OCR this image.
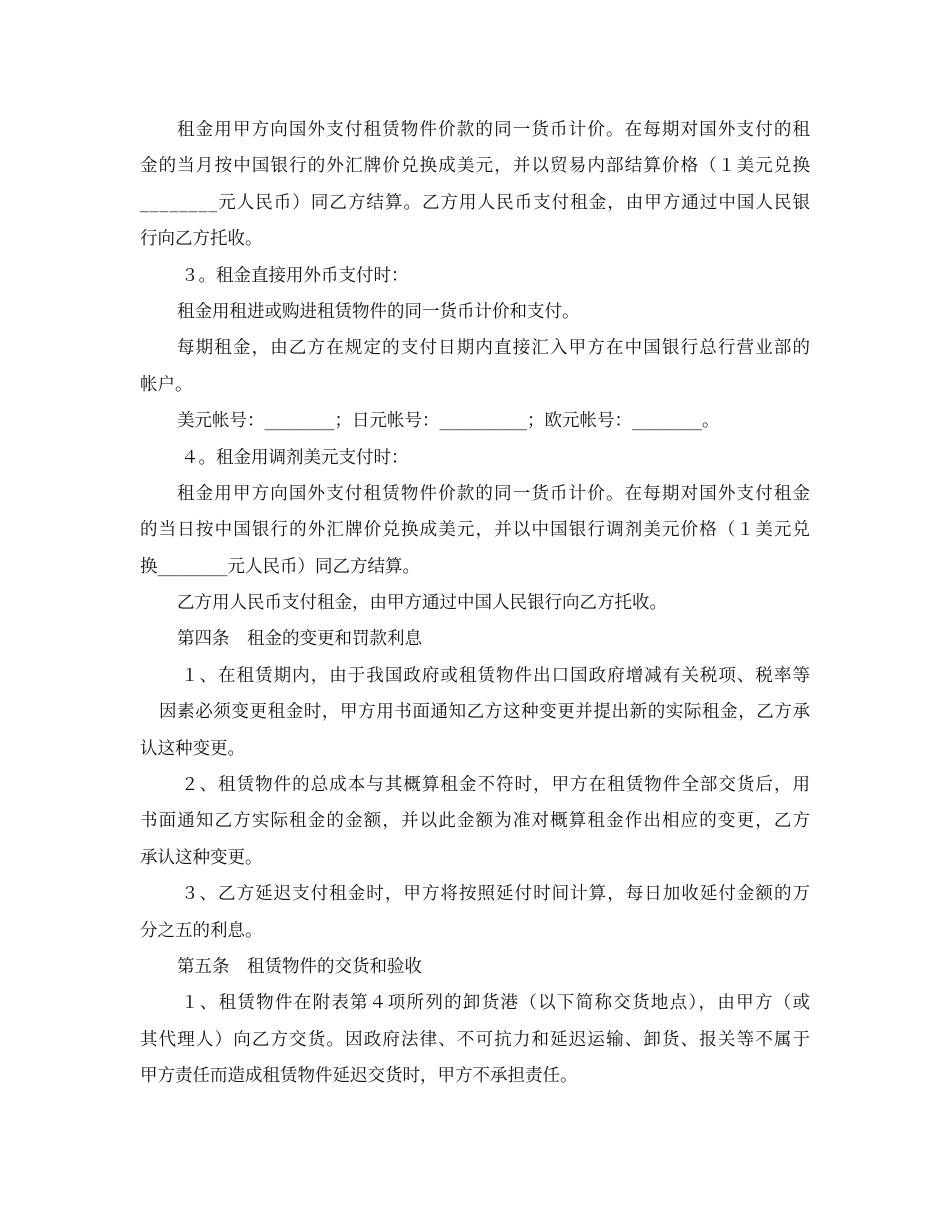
租金用甲方向国外支付租赁物件价款的同一货币计价。在每期对国外支付的租
金的当月按中国银行的外汇牌价兑换成美元，并以贸易内部结算价格（１美元兑换
________元人民币）同乙方结算。乙方用人民币支付租金，由甲方通过中国人民银
行向乙方托收。
３。租金直接用外币支付时：
租金用租进或购进租赁物件的同一货币计价和支付。
每期租金，由乙方在规定的支付日期内直接汇入甲方在中国银行总行营业部的
帐户。
美元帐号：________；日元帐号：__________；欧元帐号：________。
４。租金用调剂美元支付时：
租金用甲方向国外支付租赁物件价款的同一货币计价。在每期对国外支付租金
的当日按中国银行的外汇牌价兑换成美元，并以中国银行调剂美元价格（１美元兑
换________元人民币）同乙方结算。
乙方用人民币支付租金，由甲方通过中国人民银行向乙方托收。
第四条　租金的变更和罚款利息
１、在租赁期内，由于我国政府或租赁物件出口国政府增减有关税项、税率等
因素必须变更租金时，甲方用书面通知乙方这种变更并提出新的实际租金，乙方承
认这种变更。
２、租赁物件的总成本与其概算租金不符时，甲方在租赁物件全部交货后，用
书面通知乙方实际租金的金额，并以此金额为准对概算租金作出相应的变更，乙方
承认这种变更。
３、乙方延迟支付租金时，甲方将按照延付时间计算，每日加收延付金额的万
分之五的利息。
第五条　租赁物件的交货和验收
１、租赁物件在附表第４项所列的卸货港（以下简称交货地点），由甲方（或
其代理人）向乙方交货。因政府法律、不可抗力和延迟运输、卸货、报关等不属于
甲方责任而造成租赁物件延迟交货时，甲方不承担责任。
